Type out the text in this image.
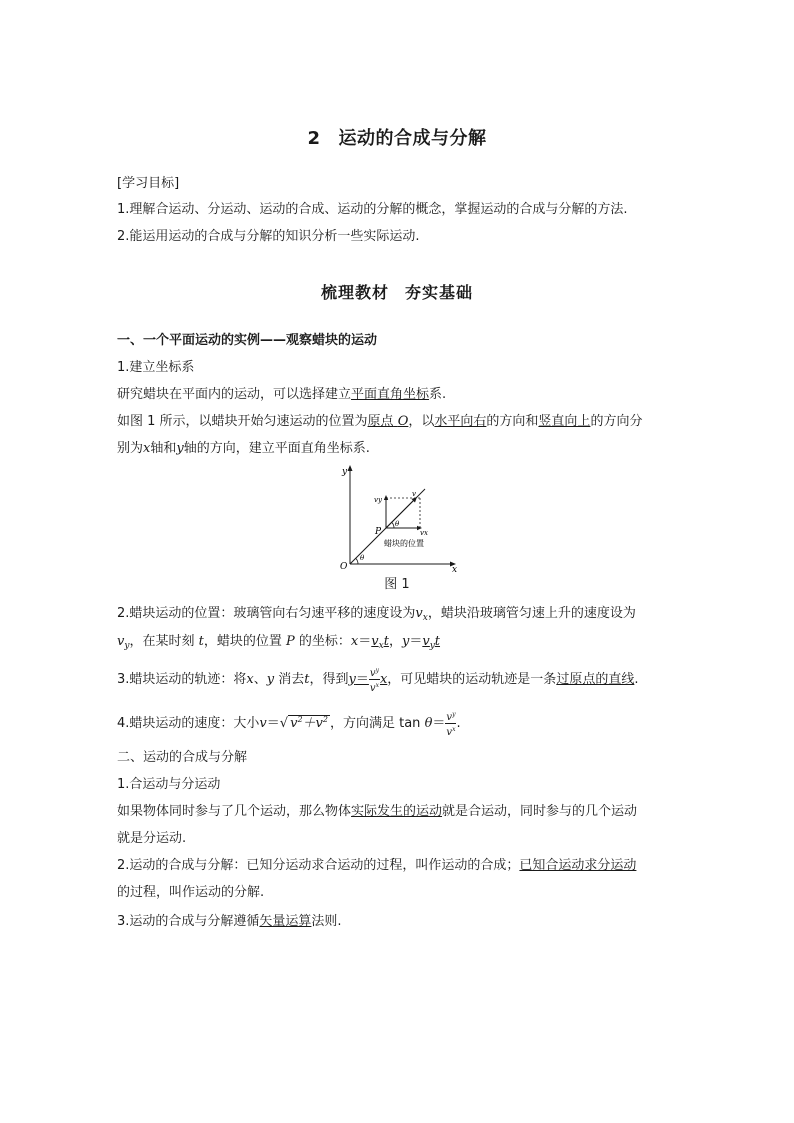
2 运动的合成与分解
[学习目标]
1.理解合运动、分运动、运动的合成、运动的分解的概念，掌握运动的合成与分解的方法.
2.能运用运动的合成与分解的知识分析一些实际运动.
梳理教材 夯实基础
一、一个平面运动的实例——观察蜡块的运动
1.建立坐标系
研究蜡块在平面内的运动，可以选择建立平面直角坐标系.
如图 1 所示，以蜡块开始匀速运动的位置为原点 O，以水平向右的方向和竖直向上的方向分
别为x轴和y轴的方向，建立平面直角坐标系.
y
x
O
P
vy
v
vx
θ
θ
蜡块的位置
图 1
2.蜡块运动的位置：玻璃管向右匀速平移的速度设为$v_x$，蜡块沿玻璃管匀速上升的速度设为
$v_y$，在某时刻 t，蜡块的位置 P 的坐标：$x=v_xt$，$y=v_yt$
3.蜡块运动的轨迹：将x、y 消去t，得到$y= \frac{v^y}{v^x}$ x，可见蜡块的运动轨迹是一条过原点的直线.
4.蜡块运动的速度：大小v＝√ $v^2+v^2$ ，方向满足 $\tan \theta= \frac{v^y}{v^x}$ .
二、运动的合成与分解
1.合运动与分运动
如果物体同时参与了几个运动，那么物体实际发生的运动就是合运动，同时参与的几个运动
就是分运动.
2.运动的合成与分解：已知分运动求合运动的过程，叫作运动的合成；已知合运动求分运动
的过程，叫作运动的分解.
3.运动的合成与分解遵循矢量运算法则.
